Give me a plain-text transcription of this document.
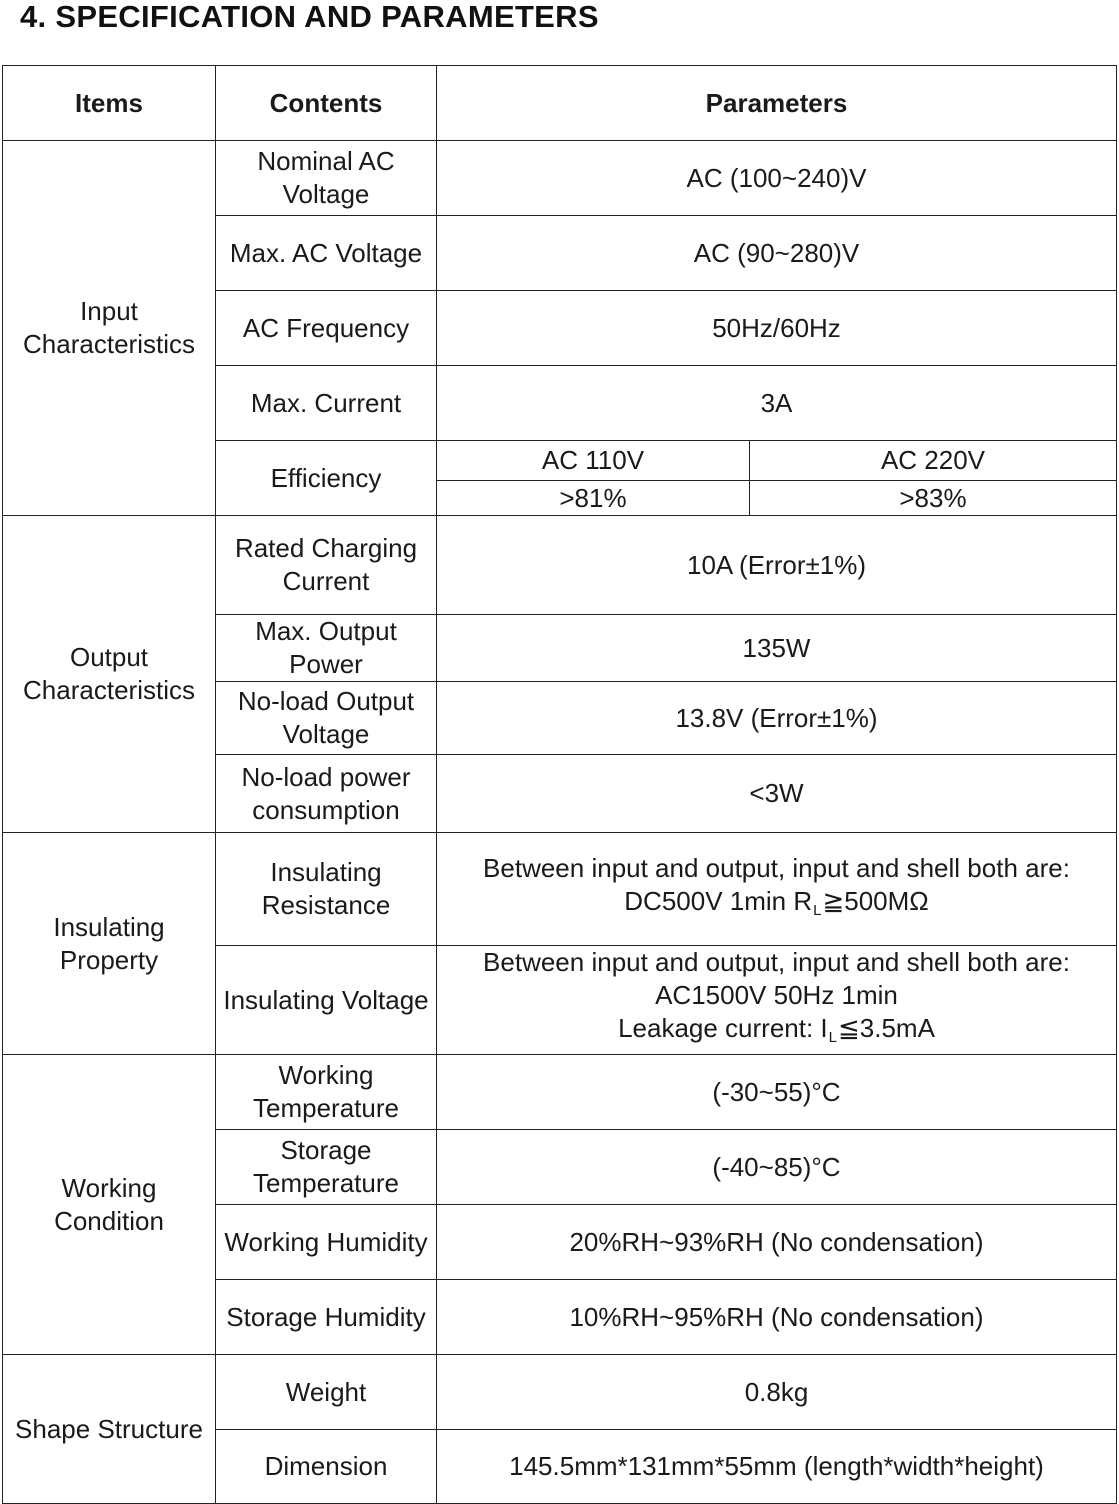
4. SPECIFICATION AND PARAMETERS
Items	Contents	Parameters	
Input Characteristics	Nominal AC Voltage	AC (100~240)V	
	Max. AC Voltage	AC (90~280)V	
	AC Frequency	50Hz/60Hz	
	Max. Current	3A	
	Efficiency	AC 110V	AC 220V
		>81%	>83%
Output Characteristics	Rated Charging Current	10A (Error±1%)	
	Max. Output Power	135W	
	No-load Output Voltage	13.8V (Error±1%)	
	No-load power consumption	<3W	
Insulating Property	Insulating Resistance	Between input and output, input and shell both are:
DC500V 1min RL≧500MΩ	

	Insulating Voltage	Between input and output, input and shell both are:
AC1500V 50Hz 1min
Leakage current: IL≦3.5mA	

Working Condition	Working Temperature	(-30~55)°C	
	Storage Temperature	(-40~85)°C	
	Working Humidity	20%RH~93%RH (No condensation)	
	Storage Humidity	10%RH~95%RH (No condensation)	
Shape Structure	Weight	0.8kg	
	Dimension	145.5mm*131mm*55mm (length*width*height)	
